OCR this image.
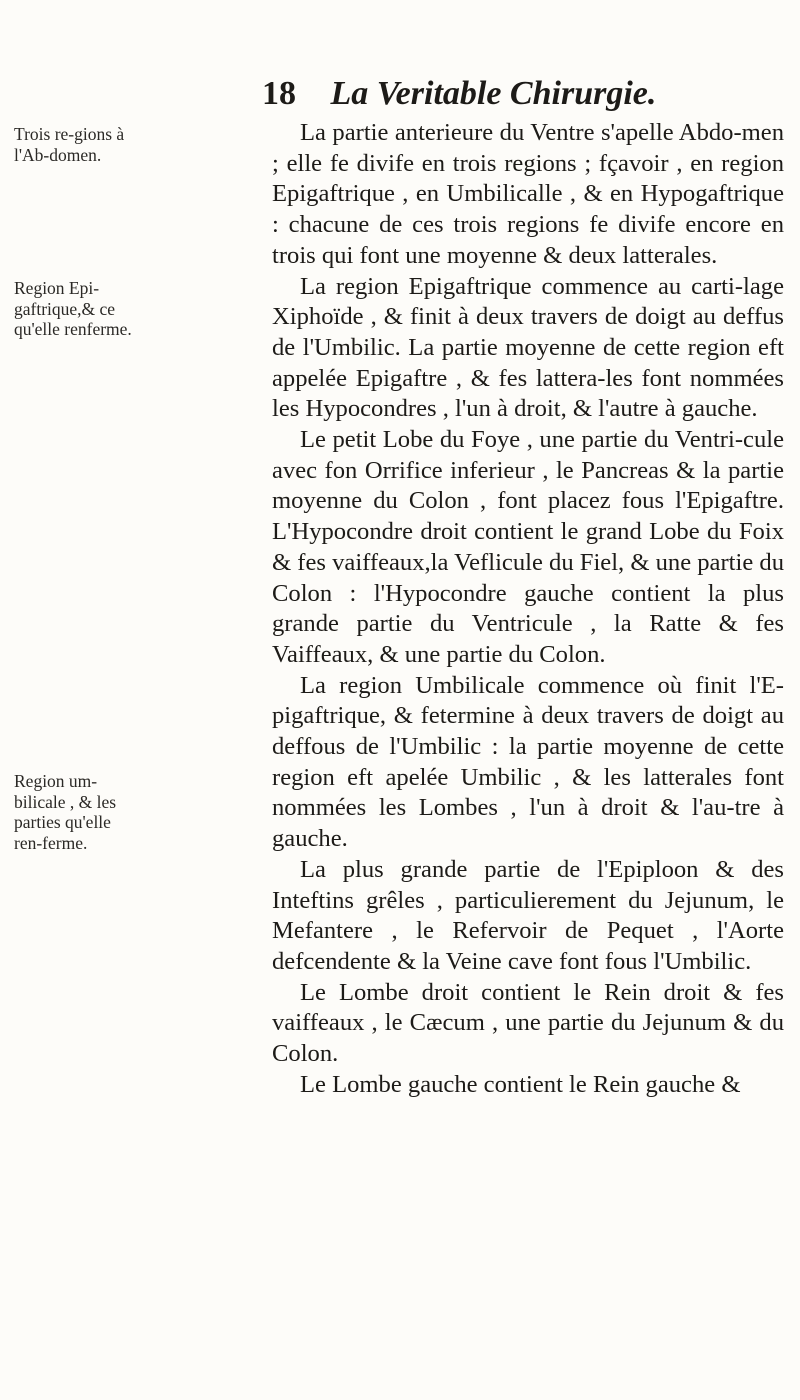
18 La Veritable Chirurgie.
Trois re-gions à l'Ab-domen.
Region Epi-gaftrique,& ce qu'elle renferme.
Region um-bilicale , & les parties qu'elle ren-ferme.

La partie anterieure du Ventre s'apelle Abdo-men ; elle fe divife en trois regions ; fçavoir , en region Epigaftrique , en Umbilicalle , & en Hypogaftrique : chacune de ces trois regions fe divife encore en trois qui font une moyenne & deux latterales.

La region Epigaftrique commence au carti-lage Xiphoïde , & finit à deux travers de doigt au deffus de l'Umbilic. La partie moyenne de cette region eft appelée Epigaftre , & fes lattera-les font nommées les Hypocondres , l'un à droit, & l'autre à gauche.

Le petit Lobe du Foye , une partie du Ventri-cule avec fon Orrifice inferieur , le Pancreas & la partie moyenne du Colon , font placez fous l'Epigaftre. L'Hypocondre droit contient le grand Lobe du Foix & fes vaiffeaux,la Veflicule du Fiel, & une partie du Colon : l'Hypocondre gauche contient la plus grande partie du Ventricule , la Ratte & fes Vaiffeaux, & une partie du Colon.

La region Umbilicale commence où finit l'E-pigaftrique, & fetermine à deux travers de doigt au deffous de l'Umbilic : la partie moyenne de cette region eft apelée Umbilic , & les latterales font nommées les Lombes , l'un à droit & l'au-tre à gauche.

La plus grande partie de l'Epiploon & des Inteftins grêles , particulierement du Jejunum, le Mefantere , le Refervoir de Pequet , l'Aorte defcendente & la Veine cave font fous l'Umbilic.

Le Lombe droit contient le Rein droit & fes vaiffeaux , le Cæcum , une partie du Jejunum & du Colon.

Le Lombe gauche contient le Rein gauche &
